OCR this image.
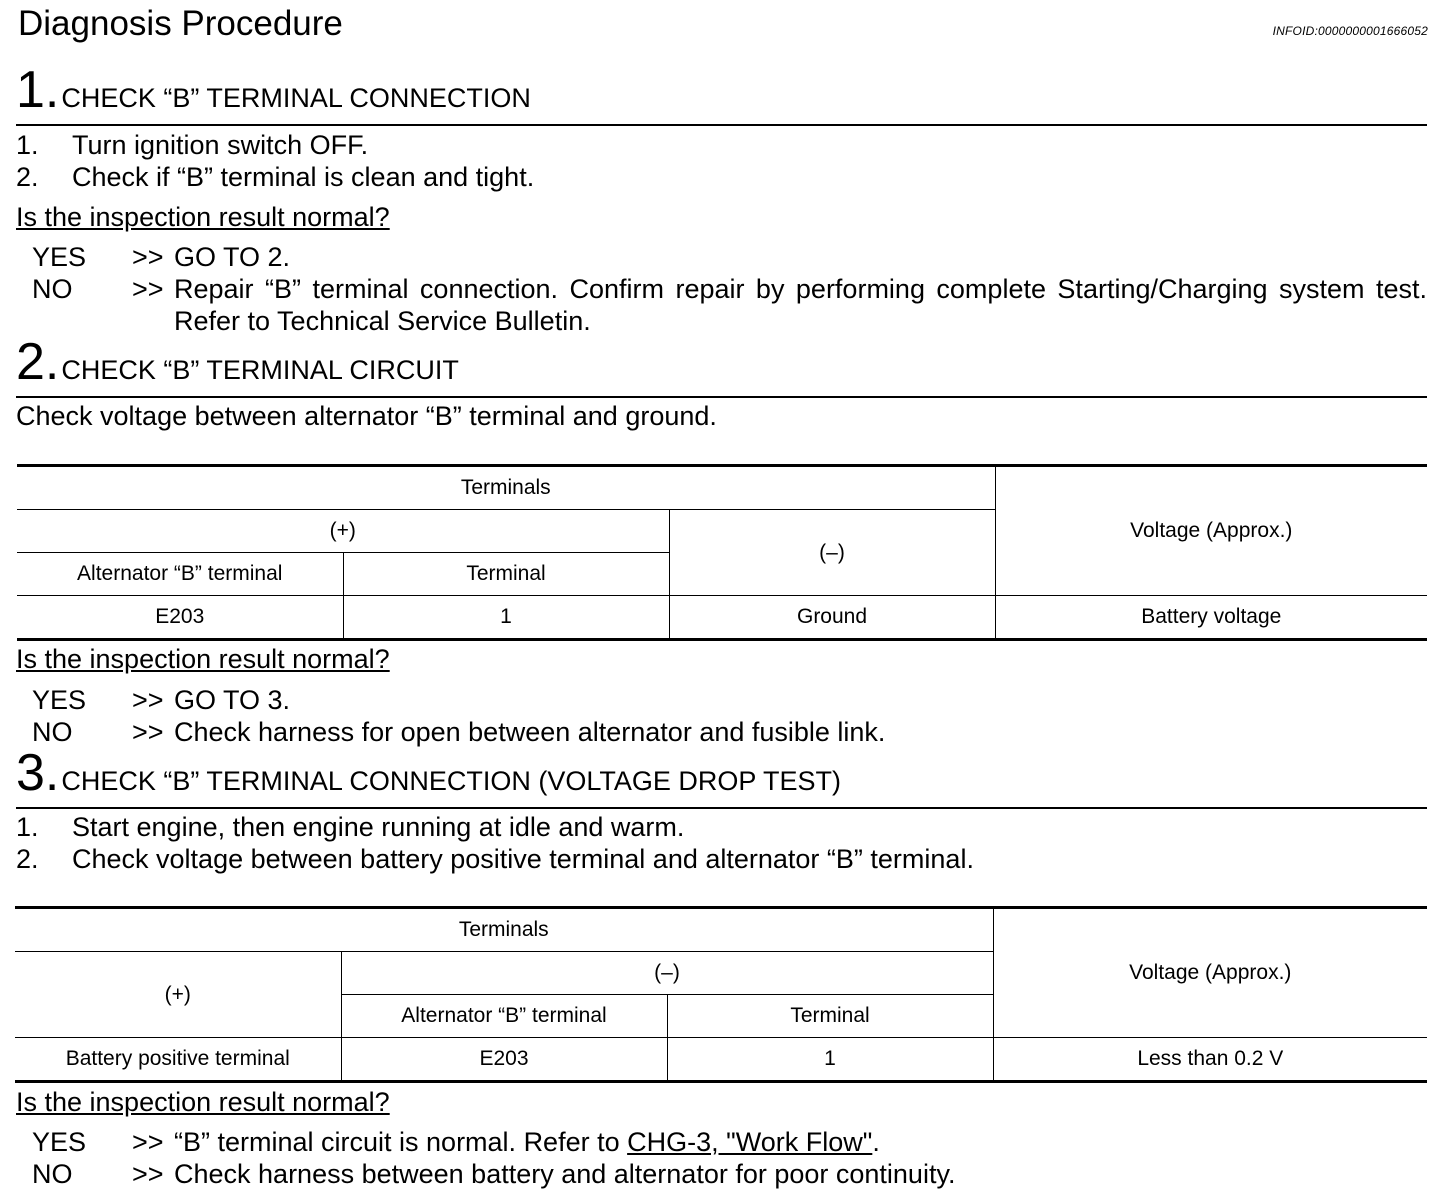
Diagnosis Procedure	INFOID:0000000001666052
1.CHECK “B” TERMINAL CONNECTION
1. Turn ignition switch OFF.
2. Check if “B” terminal is clean and tight.
Is the inspection result normal?
YES >> GO TO 2.
NO >> Repair “B” terminal connection. Confirm repair by performing complete Starting/Charging system test. Refer to Technical Service Bulletin.
2.CHECK “B” TERMINAL CIRCUIT
Check voltage between alternator “B” terminal and ground.
Terminals			Voltage (Approx.)
(+)		(–)	
Alternator “B” terminal	Terminal		
E203	1	Ground	Battery voltage
Is the inspection result normal?
YES >> GO TO 3.
NO >> Check harness for open between alternator and fusible link.
3.CHECK “B” TERMINAL CONNECTION (VOLTAGE DROP TEST)
1. Start engine, then engine running at idle and warm.
2. Check voltage between battery positive terminal and alternator “B” terminal.
Terminals			Voltage (Approx.)
(+)	(–)		
	Alternator “B” terminal	Terminal	
Battery positive terminal	E203	1	Less than 0.2 V
Is the inspection result normal?
YES >> “B” terminal circuit is normal. Refer to CHG-3, "Work Flow".
NO >> Check harness between battery and alternator for poor continuity.
